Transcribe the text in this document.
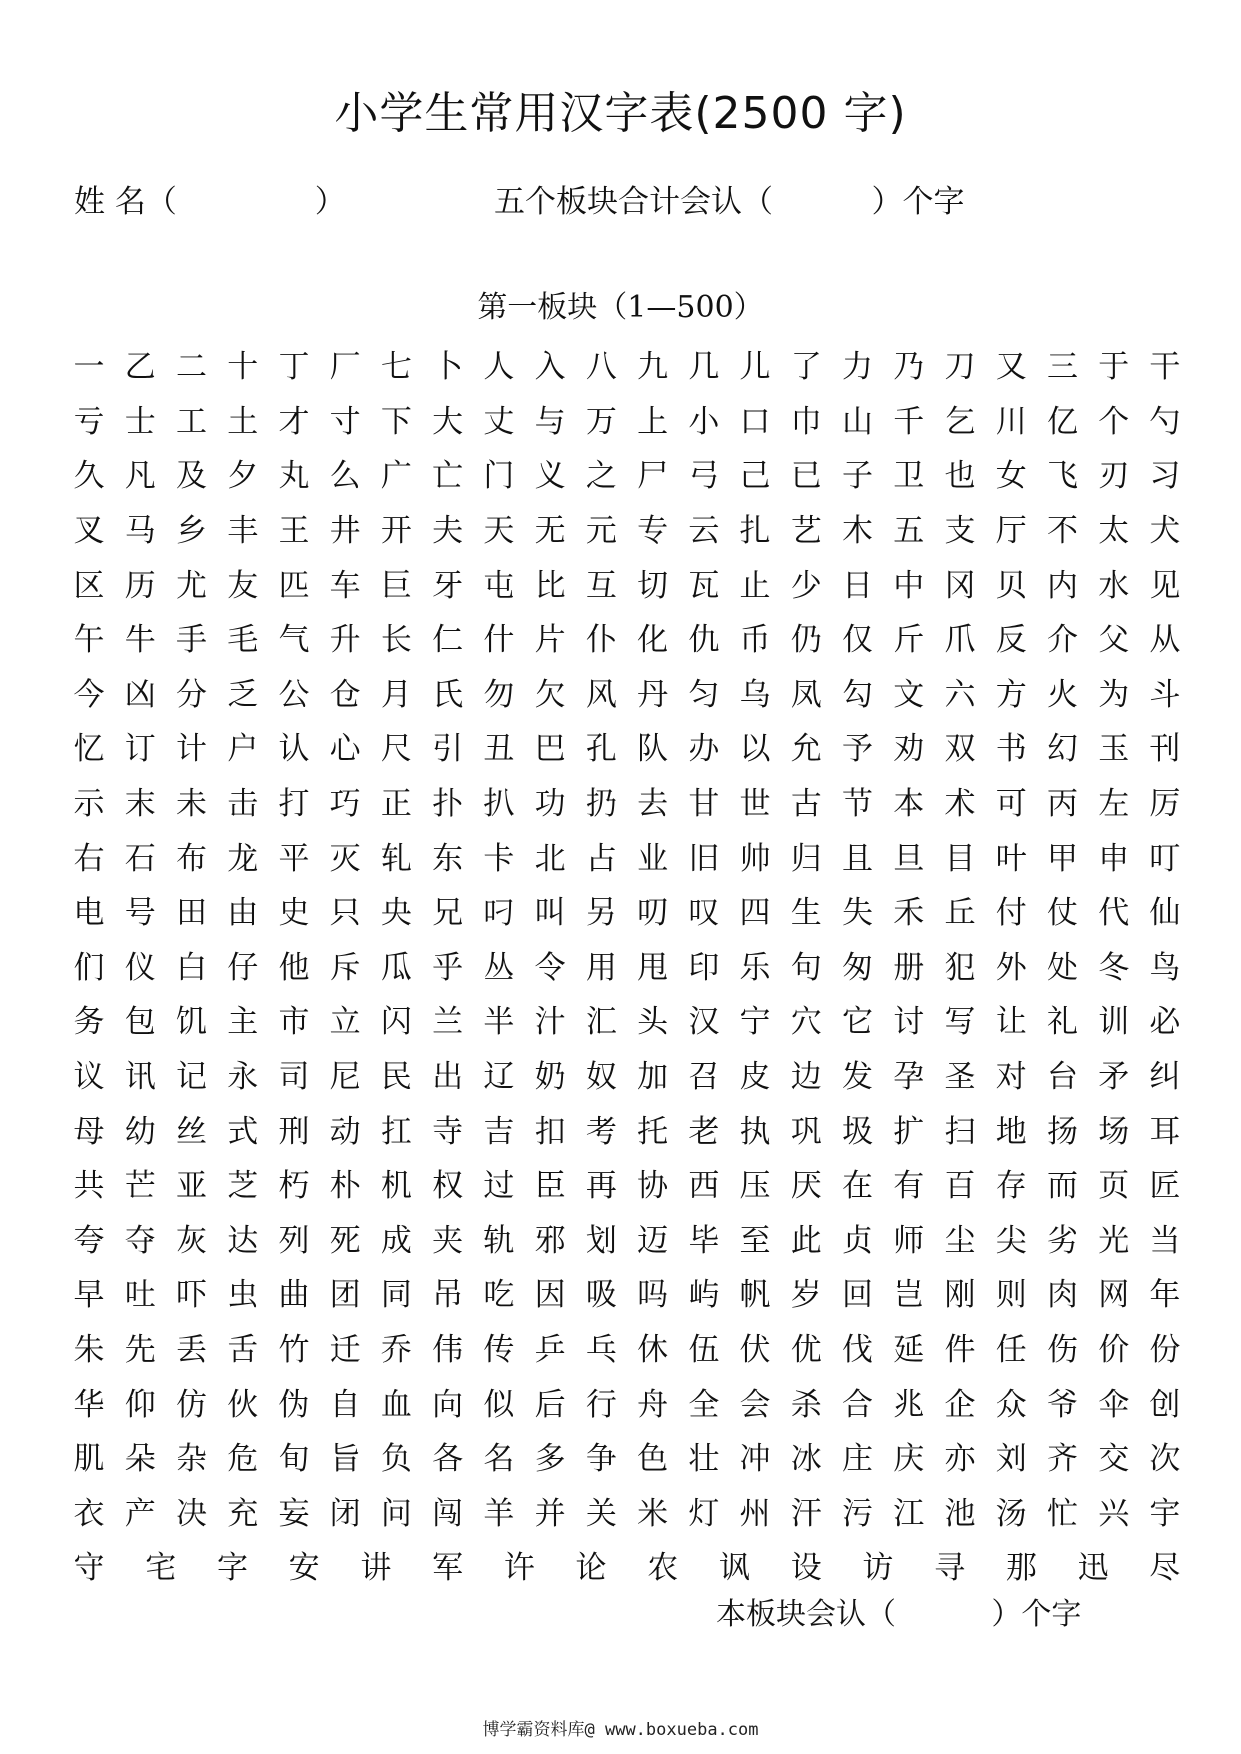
小学生常用汉字表(2500 字)
姓 名（              ）	五个板块合计会认（          ）个字
第一板块（1—500）
一 乙 二 十 丁 厂 七 卜 人 入 八 九 几 儿 了 力 乃 刀 又 三 于 干
亏 士 工 土 才 寸 下 大 丈 与 万 上 小 口 巾 山 千 乞 川 亿 个 勺
久 凡 及 夕 丸 么 广 亡 门 义 之 尸 弓 己 已 子 卫 也 女 飞 刃 习
叉 马 乡 丰 王 井 开 夫 天 无 元 专 云 扎 艺 木 五 支 厅 不 太 犬
区 历 尤 友 匹 车 巨 牙 屯 比 互 切 瓦 止 少 日 中 冈 贝 内 水 见
午 牛 手 毛 气 升 长 仁 什 片 仆 化 仇 币 仍 仅 斤 爪 反 介 父 从
今 凶 分 乏 公 仓 月 氏 勿 欠 风 丹 匀 乌 凤 勾 文 六 方 火 为 斗
忆 订 计 户 认 心 尺 引 丑 巴 孔 队 办 以 允 予 劝 双 书 幻 玉 刊
示 末 未 击 打 巧 正 扑 扒 功 扔 去 甘 世 古 节 本 术 可 丙 左 厉
右 石 布 龙 平 灭 轧 东 卡 北 占 业 旧 帅 归 且 旦 目 叶 甲 申 叮
电 号 田 由 史 只 央 兄 叼 叫 另 叨 叹 四 生 失 禾 丘 付 仗 代 仙
们 仪 白 仔 他 斥 瓜 乎 丛 令 用 甩 印 乐 句 匆 册 犯 外 处 冬 鸟
务 包 饥 主 市 立 闪 兰 半 汁 汇 头 汉 宁 穴 它 讨 写 让 礼 训 必
议 讯 记 永 司 尼 民 出 辽 奶 奴 加 召 皮 边 发 孕 圣 对 台 矛 纠
母 幼 丝 式 刑 动 扛 寺 吉 扣 考 托 老 执 巩 圾 扩 扫 地 扬 场 耳
共 芒 亚 芝 朽 朴 机 权 过 臣 再 协 西 压 厌 在 有 百 存 而 页 匠
夸 夺 灰 达 列 死 成 夹 轨 邪 划 迈 毕 至 此 贞 师 尘 尖 劣 光 当
早 吐 吓 虫 曲 团 同 吊 吃 因 吸 吗 屿 帆 岁 回 岂 刚 则 肉 网 年
朱 先 丢 舌 竹 迁 乔 伟 传 乒 乓 休 伍 伏 优 伐 延 件 任 伤 价 份
华 仰 仿 伙 伪 自 血 向 似 后 行 舟 全 会 杀 合 兆 企 众 爷 伞 创
肌 朵 杂 危 旬 旨 负 各 名 多 争 色 壮 冲 冰 庄 庆 亦 刘 齐 交 次
衣 产 决 充 妄 闭 问 闯 羊 并 关 米 灯 州 汗 污 江 池 汤 忙 兴 宇
守 宅 字 安 讲 军 许 论 农 讽 设 访 寻 那 迅 尽
本板块会认（          ）个字
博学霸资料库@ www.boxueba.com
